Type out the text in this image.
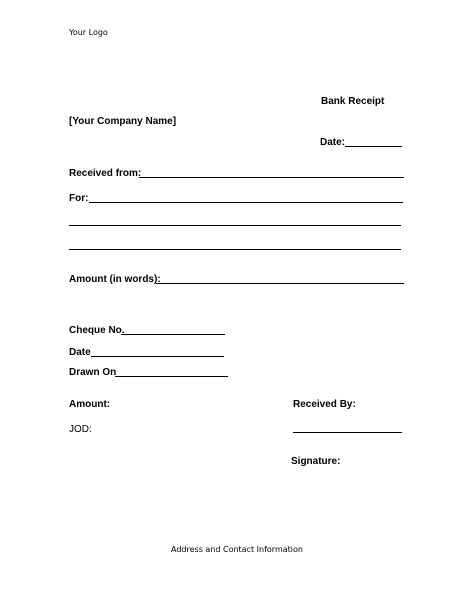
Your Logo
Bank Receipt
[Your Company Name]
Date:
Received from:
For:
Amount (in words):
Cheque No.
Date
Drawn On
Amount:
JOD:
Received By:
Signature:
Address and Contact Information
